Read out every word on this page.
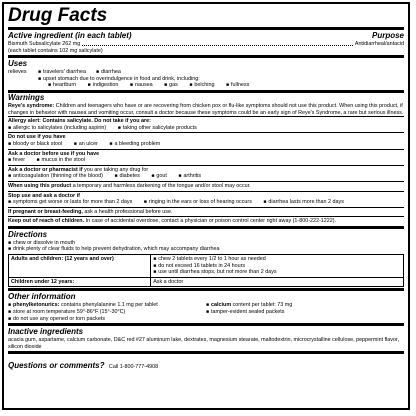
Drug Facts
Active ingredient (in each tablet)	Purpose
Bismuth Subsalicylate 262 mg	Antidiarrheal/antacid
(each tablet contains 102 mg salicylate)
Uses
relieves	■ travelers' diarrhea	■ diarrhea
■ upset stomach due to overindulgence in food and drink, including:
■ heartburn	■ indigestion	■ nausea	■ gas	■ belching	■ fullness
Warnings
Reye's syndrome: Children and teenagers who have or are recovering from chicken pox or flu-like symptoms should not use this product. When using this product, if changes in behavior with nausea and vomiting occur, consult a doctor because these symptoms could be an early sign of Reye's Syndrome, a rare but serious illness.
Allergy alert: Contains salicylate. Do not take if you are:
■ allergic to salicylates (including aspirin)	■ taking other salicylate products
Do not use if you have
■ bloody or black stool	■ an ulcer	■ a bleeding problem
Ask a doctor before use if you have
■ fever	■ mucus in the stool
Ask a doctor or pharmacist if you are taking any drug for
■ anticoagulation (thinning of the blood)	■ diabetes	■ gout	■ arthritis
When using this product a temporary and harmless darkening of the tongue and/or stool may occur.
Stop use and ask a doctor if
■ symptoms get worse or lasts for more than 2 days	■ ringing in the ears or loss of hearing occurs	■ diarrhea lasts more than 2 days
If pregnant or breast-feeding, ask a health professional before use.
Keep out of reach of children. In case of accidental overdose, contact a physician or poison control center right away (1-800-222-1222).
Directions
■ chew or dissolve in mouth
■ drink plenty of clear fluids to help prevent dehydration, which may accompany diarrhea
Adults and children: (12 years and over)	■ chew 2 tablets every 1/2 to 1 hour as needed
■ do not exceed 16 tablets in 24 hours
■ use until diarrhea stops, but not more than 2 days

Children under 12 years:	Ask a doctor
Other information
■ phenylketonurics: contains phenylalanine 1.1 mg per tablet ■	calcium content per tablet: 73 mg
■ store at room temperature 59°-86°F (15°-30°C)	■ tamper-evident sealed packets
■ do not use any opened or torn packets
Inactive ingredients
acacia gum, aspartame, calcium carbonate, D&C red #27 aluminum lake, dextrates, magnesium stearate, maltodextrin, microcrystalline cellulose, peppermint flavor, silicon dioxide
Questions or comments? Call 1-800-777-4908
